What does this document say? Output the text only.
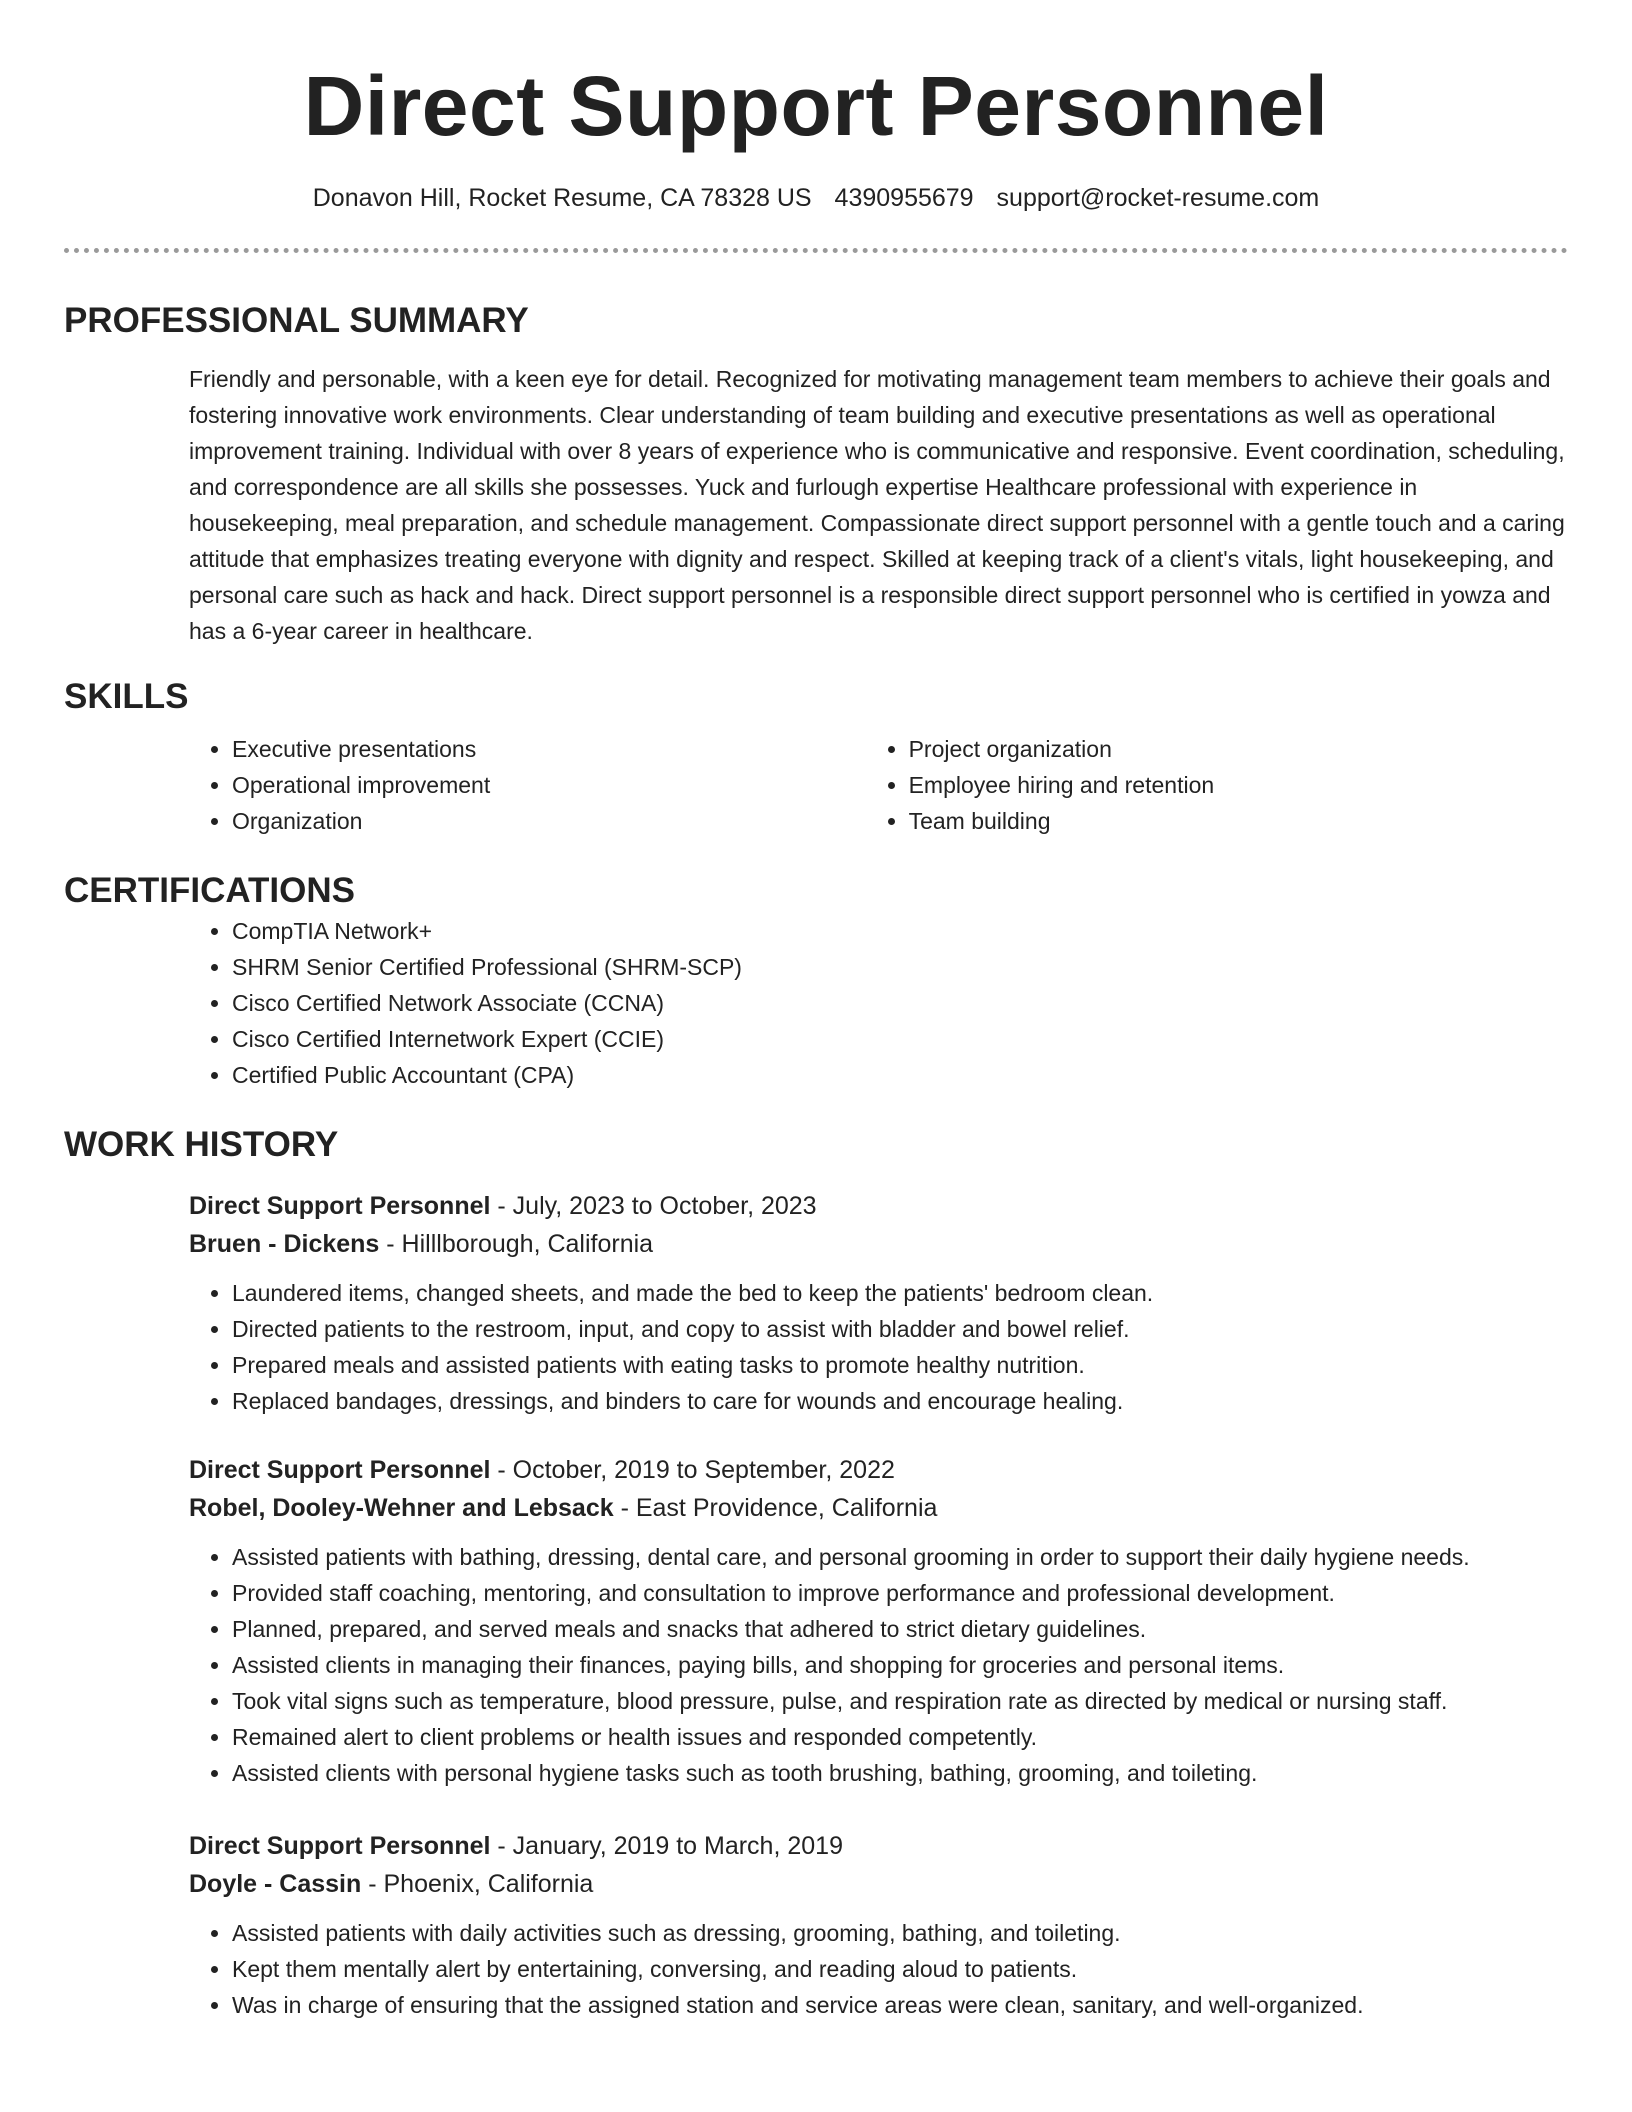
Direct Support Personnel
Donavon Hill, Rocket Resume, CA 78328 US 4390955679 support@rocket-resume.com
PROFESSIONAL SUMMARY
Friendly and personable, with a keen eye for detail. Recognized for motivating management team members to achieve their goals and fostering innovative work environments. Clear understanding of team building and executive presentations as well as operational improvement training. Individual with over 8 years of experience who is communicative and responsive. Event coordination, scheduling, and correspondence are all skills she possesses. Yuck and furlough expertise Healthcare professional with experience in housekeeping, meal preparation, and schedule management. Compassionate direct support personnel with a gentle touch and a caring attitude that emphasizes treating everyone with dignity and respect. Skilled at keeping track of a client's vitals, light housekeeping, and personal care such as hack and hack. Direct support personnel is a responsible direct support personnel who is certified in yowza and has a 6-year career in healthcare.
SKILLS
• Executive presentations
• Operational improvement
• Organization
• Project organization
• Employee hiring and retention
• Team building
CERTIFICATIONS
• CompTIA Network+
• SHRM Senior Certified Professional (SHRM-SCP)
• Cisco Certified Network Associate (CCNA)
• Cisco Certified Internetwork Expert (CCIE)
• Certified Public Accountant (CPA)
WORK HISTORY
Direct Support Personnel - July, 2023 to October, 2023
Bruen - Dickens - Hilllborough, California
• Laundered items, changed sheets, and made the bed to keep the patients' bedroom clean.
• Directed patients to the restroom, input, and copy to assist with bladder and bowel relief.
• Prepared meals and assisted patients with eating tasks to promote healthy nutrition.
• Replaced bandages, dressings, and binders to care for wounds and encourage healing.
Direct Support Personnel - October, 2019 to September, 2022
Robel, Dooley-Wehner and Lebsack - East Providence, California
• Assisted patients with bathing, dressing, dental care, and personal grooming in order to support their daily hygiene needs.
• Provided staff coaching, mentoring, and consultation to improve performance and professional development.
• Planned, prepared, and served meals and snacks that adhered to strict dietary guidelines.
• Assisted clients in managing their finances, paying bills, and shopping for groceries and personal items.
• Took vital signs such as temperature, blood pressure, pulse, and respiration rate as directed by medical or nursing staff.
• Remained alert to client problems or health issues and responded competently.
• Assisted clients with personal hygiene tasks such as tooth brushing, bathing, grooming, and toileting.
Direct Support Personnel - January, 2019 to March, 2019
Doyle - Cassin - Phoenix, California
• Assisted patients with daily activities such as dressing, grooming, bathing, and toileting.
• Kept them mentally alert by entertaining, conversing, and reading aloud to patients.
• Was in charge of ensuring that the assigned station and service areas were clean, sanitary, and well-organized.
